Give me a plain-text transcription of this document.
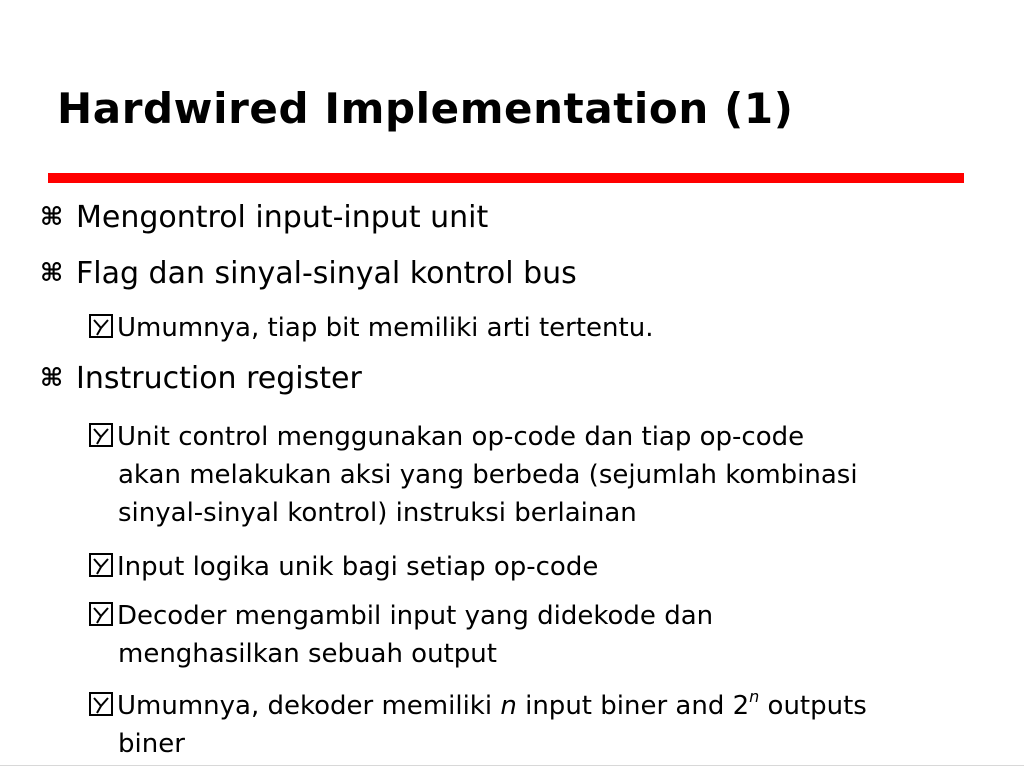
Hardwired Implementation (1)
⌘ Mengontrol input-input unit
⌘ Flag dan sinyal-sinyal kontrol bus
Umumnya, tiap bit memiliki arti tertentu.
⌘ Instruction register
Unit control menggunakan op-code dan tiap op-code
akan melakukan aksi yang berbeda (sejumlah kombinasi
sinyal-sinyal kontrol) instruksi berlainan
Input logika unik bagi setiap op-code
Decoder mengambil input yang didekode dan
menghasilkan sebuah output
Umumnya, dekoder memiliki n input biner and 2$^n$ outputs
biner
